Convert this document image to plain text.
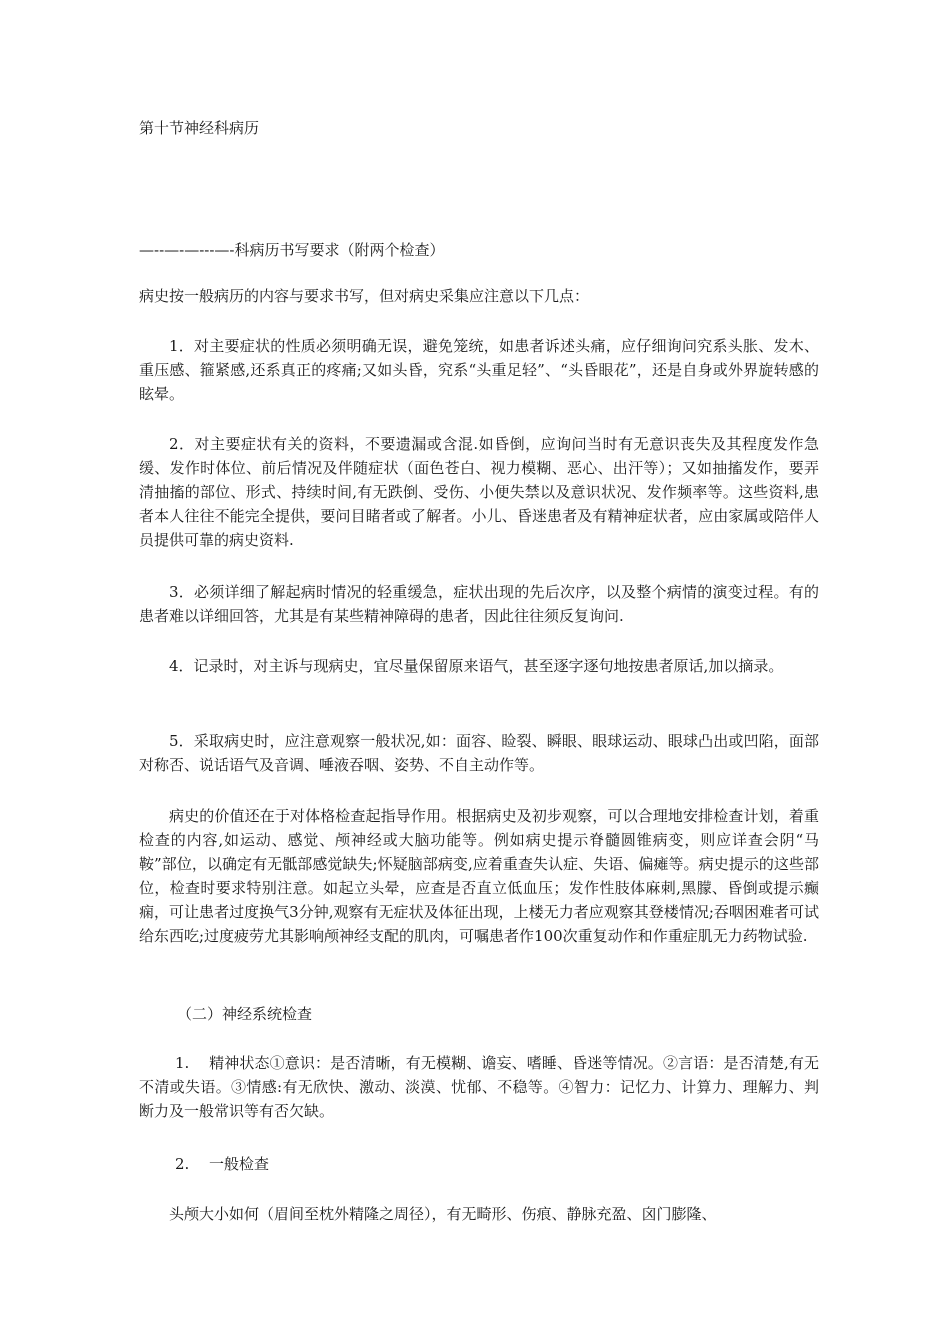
第十节神经科病历

—--—-—---—-科病历书写要求（附两个检查）

病史按一般病历的内容与要求书写，但对病史采集应注意以下几点：

1．对主要症状的性质必须明确无误，避免笼统，如患者诉述头痛，应仔细询问究系头胀、发木、重压感、箍紧感,还系真正的疼痛;又如头昏，究系“头重足轻”、“头昏眼花”，还是自身或外界旋转感的眩晕。

2．对主要症状有关的资料，不要遗漏或含混.如昏倒，应询问当时有无意识丧失及其程度发作急缓、发作时体位、前后情况及伴随症状（面色苍白、视力模糊、恶心、出汗等）；又如抽搐发作，要弄清抽搐的部位、形式、持续时间,有无跌倒、受伤、小便失禁以及意识状况、发作频率等。这些资料,患者本人往往不能完全提供，要问目睹者或了解者。小儿、昏迷患者及有精神症状者，应由家属或陪伴人员提供可靠的病史资料.

3．必须详细了解起病时情况的轻重缓急，症状出现的先后次序，以及整个病情的演变过程。有的患者难以详细回答，尤其是有某些精神障碍的患者，因此往往须反复询问.

4．记录时，对主诉与现病史，宜尽量保留原来语气，甚至逐字逐句地按患者原话,加以摘录。

5．采取病史时，应注意观察一般状况,如：面容、睑裂、瞬眼、眼球运动、眼球凸出或凹陷，面部对称否、说话语气及音调、唾液吞咽、姿势、不自主动作等。

病史的价值还在于对体格检查起指导作用。根据病史及初步观察，可以合理地安排检查计划，着重检查的内容,如运动、感觉、颅神经或大脑功能等。例如病史提示脊髓圆锥病变，则应详查会阴“马鞍”部位，以确定有无骶部感觉缺失;怀疑脑部病变,应着重查失认症、失语、偏瘫等。病史提示的这些部位，检查时要求特别注意。如起立头晕，应查是否直立低血压；发作性肢体麻刺,黑朦、昏倒或提示癫痫，可让患者过度换气3分钟,观察有无症状及体征出现，上楼无力者应观察其登楼情况;吞咽困难者可试给东西吃;过度疲劳尤其影响颅神经支配的肌肉，可嘱患者作100次重复动作和作重症肌无力药物试验.

（二）神经系统检查

1. 精神状态①意识：是否清晰，有无模糊、谵妄、嗜睡、昏迷等情况。②言语：是否清楚,有无不清或失语。③情感:有无欣快、激动、淡漠、忧郁、不稳等。④智力：记忆力、计算力、理解力、判断力及一般常识等有否欠缺。

2. 一般检查

头颅大小如何（眉间至枕外精隆之周径），有无畸形、伤痕、静脉充盈、囟门膨隆、
